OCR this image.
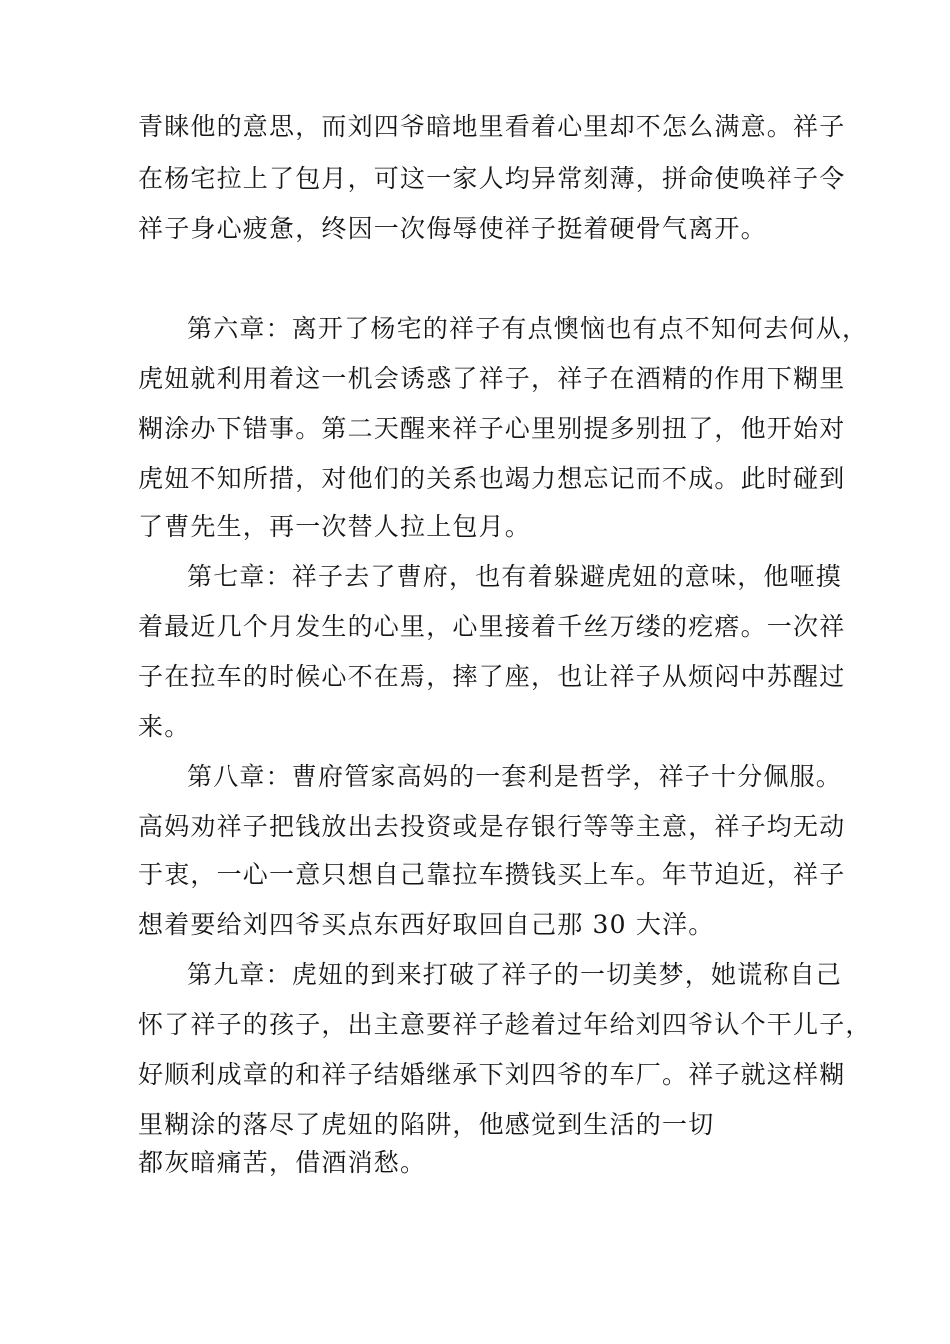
青睐他的意思，而刘四爷暗地里看着心里却不怎么满意。祥子

在杨宅拉上了包月，可这一家人均异常刻薄，拼命使唤祥子令

祥子身心疲惫，终因一次侮辱使祥子挺着硬骨气离开。

第六章：离开了杨宅的祥子有点懊恼也有点不知何去何从，

虎妞就利用着这一机会诱惑了祥子，祥子在酒精的作用下糊里

糊涂办下错事。第二天醒来祥子心里别提多别扭了，他开始对

虎妞不知所措，对他们的关系也竭力想忘记而不成。此时碰到

了曹先生，再一次替人拉上包月。

第七章：祥子去了曹府，也有着躲避虎妞的意味，他咂摸

着最近几个月发生的心里，心里接着千丝万缕的疙瘩。一次祥

子在拉车的时候心不在焉，摔了座，也让祥子从烦闷中苏醒过

来。

第八章：曹府管家高妈的一套利是哲学，祥子十分佩服。

高妈劝祥子把钱放出去投资或是存银行等等主意，祥子均无动

于衷，一心一意只想自己靠拉车攒钱买上车。年节迫近，祥子

想着要给刘四爷买点东西好取回自己那 30 大洋。

第九章：虎妞的到来打破了祥子的一切美梦，她谎称自己

怀了祥子的孩子，出主意要祥子趁着过年给刘四爷认个干儿子，

好顺利成章的和祥子结婚继承下刘四爷的车厂。祥子就这样糊

里糊涂的落尽了虎妞的陷阱，他感觉到生活的一切

都灰暗痛苦，借酒消愁。
